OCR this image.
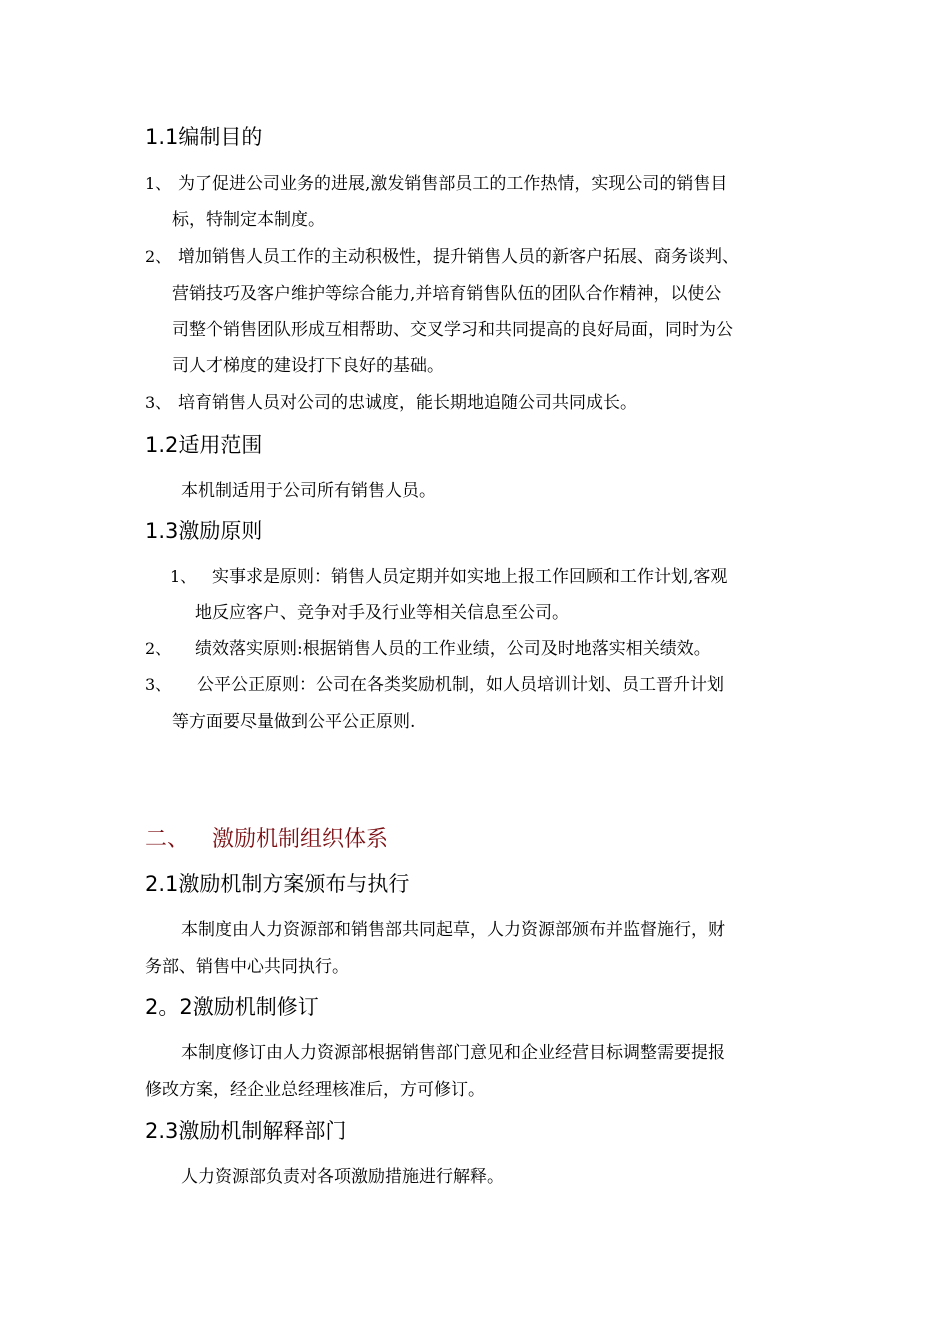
1.1编制目的
1、 为了促进公司业务的进展,激发销售部员工的工作热情，实现公司的销售目
标，特制定本制度。
2、 增加销售人员工作的主动积极性，提升销售人员的新客户拓展、商务谈判、
营销技巧及客户维护等综合能力,并培育销售队伍的团队合作精神，以使公
司整个销售团队形成互相帮助、交叉学习和共同提高的良好局面，同时为公
司人才梯度的建设打下良好的基础。
3、 培育销售人员对公司的忠诚度，能长期地追随公司共同成长。
1.2适用范围
本机制适用于公司所有销售人员。
1.3激励原则
1、 实事求是原则：销售人员定期并如实地上报工作回顾和工作计划,客观
地反应客户、竞争对手及行业等相关信息至公司。
2、 绩效落实原则:根据销售人员的工作业绩，公司及时地落实相关绩效。
3、 公平公正原则：公司在各类奖励机制，如人员培训计划、员工晋升计划
等方面要尽量做到公平公正原则.
二、 激励机制组织体系
2.1激励机制方案颁布与执行
本制度由人力资源部和销售部共同起草，人力资源部颁布并监督施行，财
务部、销售中心共同执行。
2。2激励机制修订
本制度修订由人力资源部根据销售部门意见和企业经营目标调整需要提报
修改方案，经企业总经理核准后，方可修订。
2.3激励机制解释部门
人力资源部负责对各项激励措施进行解释。
